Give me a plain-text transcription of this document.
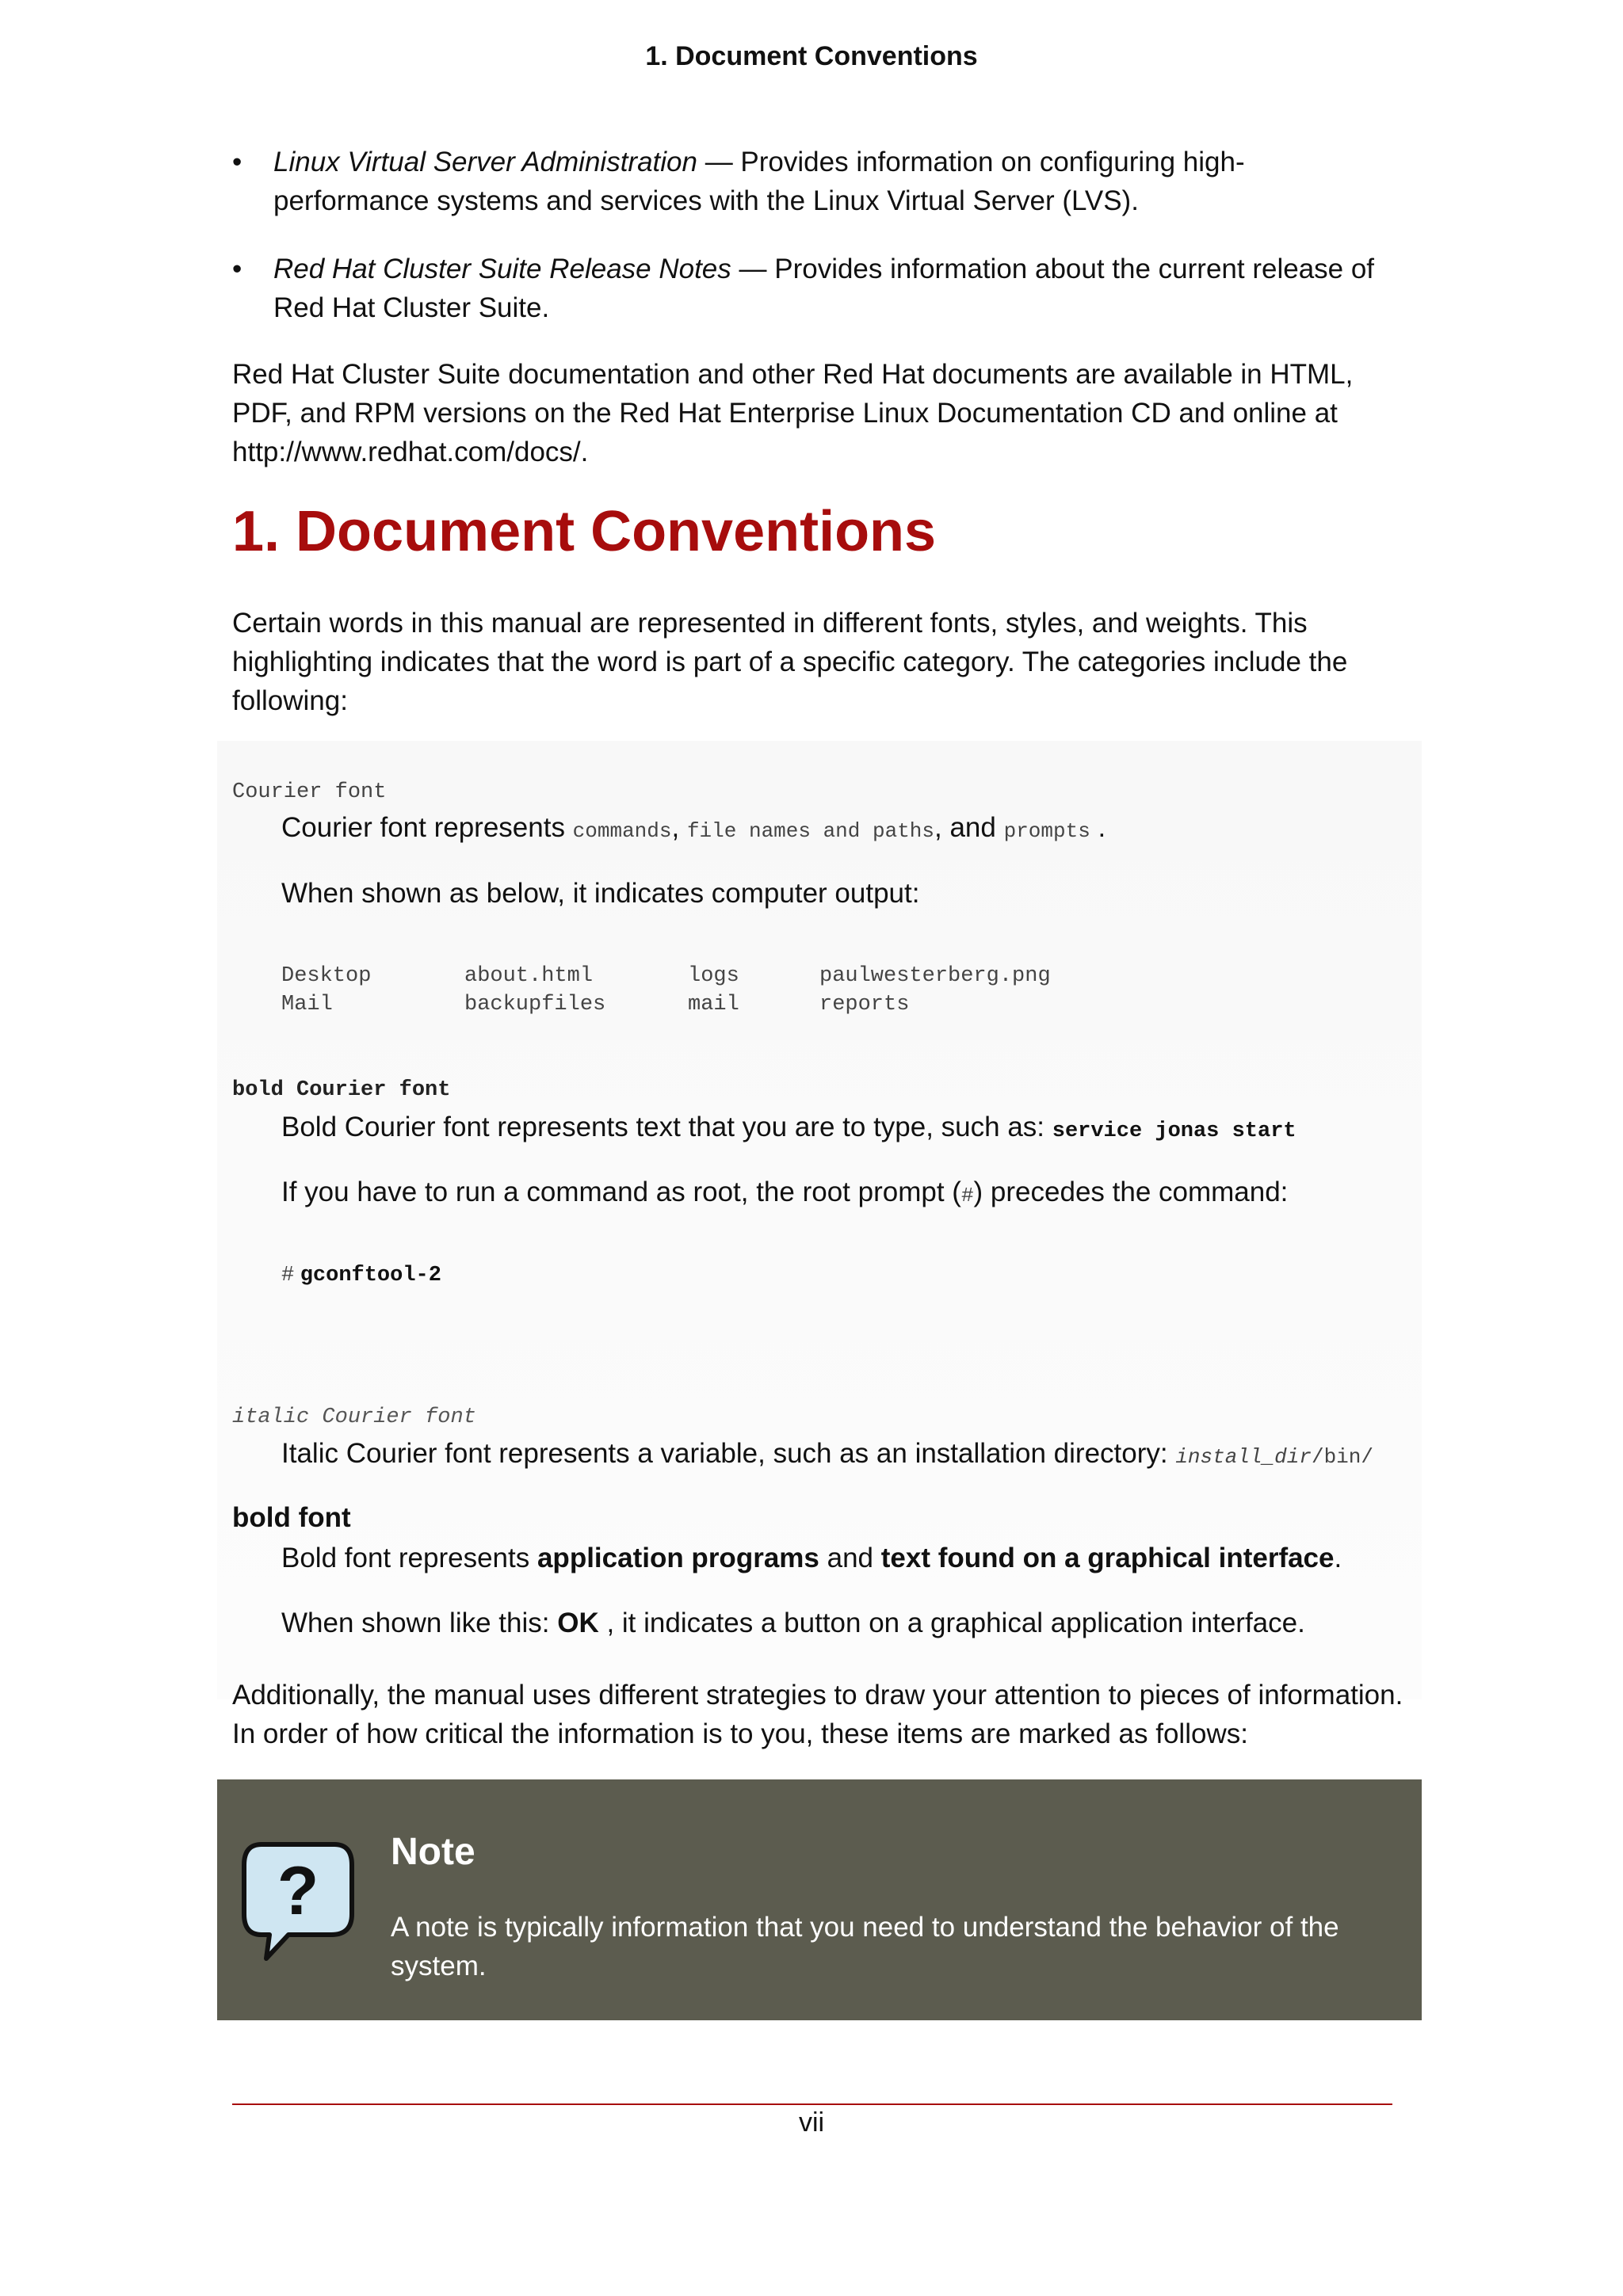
1. Document Conventions
• Linux Virtual Server Administration — Provides information on configuring high-performance systems and services with the Linux Virtual Server (LVS).
• Red Hat Cluster Suite Release Notes — Provides information about the current release of Red Hat Cluster Suite.

Red Hat Cluster Suite documentation and other Red Hat documents are available in HTML, PDF, and RPM versions on the Red Hat Enterprise Linux Documentation CD and online at http://www.redhat.com/docs/.

1. Document Conventions

Certain words in this manual are represented in different fonts, styles, and weights. This highlighting indicates that the word is part of a specific category. The categories include the following:

Courier font
Courier font represents commands, file names and paths, and prompts .
When shown as below, it indicates computer output:
Desktop	about.html	logs	paulwesterberg.png
Mail	backupfiles	mail	reports
bold Courier font
Bold Courier font represents text that you are to type, such as: service jonas start
If you have to run a command as root, the root prompt (#) precedes the command:
# gconftool-2
italic Courier font
Italic Courier font represents a variable, such as an installation directory: install_dir/bin/
bold font
Bold font represents application programs and text found on a graphical interface.
When shown like this: OK , it indicates a button on a graphical application interface.

Additionally, the manual uses different strategies to draw your attention to pieces of information. In order of how critical the information is to you, these items are marked as follows:

?
Note
A note is typically information that you need to understand the behavior of the system.
vii
